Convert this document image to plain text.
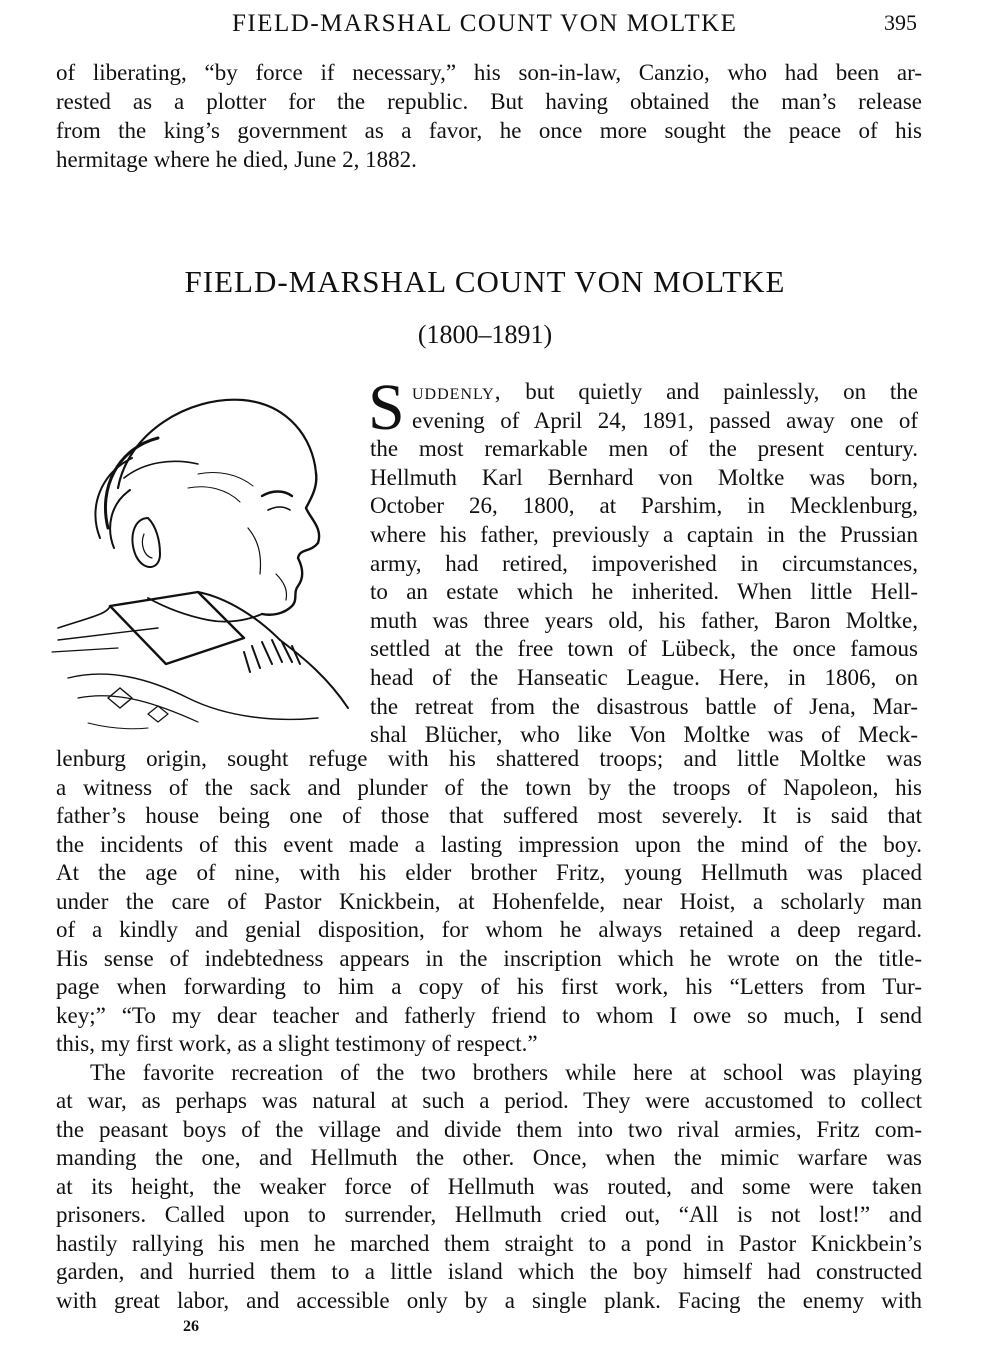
FIELD-MARSHAL COUNT VON MOLTKE	395
of liberating, “by force if necessary,” his son-in-law, Canzio, who had been ar-
rested as a plotter for the republic. But having obtained the man’s release
from the king’s government as a favor, he once more sought the peace of his
hermitage where he died, June 2, 1882.
FIELD-MARSHAL COUNT VON MOLTKE
(1800–1891)
S uddenly, but quietly and painlessly, on the
evening of April 24, 1891, passed away one of
the most remarkable men of the present century.
Hellmuth Karl Bernhard von Moltke was born,
October 26, 1800, at Parshim, in Mecklenburg,
where his father, previously a captain in the Prussian
army, had retired, impoverished in circumstances,
to an estate which he inherited. When little Hell-
muth was three years old, his father, Baron Moltke,
settled at the free town of Lübeck, the once famous
head of the Hanseatic League. Here, in 1806, on
the retreat from the disastrous battle of Jena, Mar-
shal Blücher, who like Von Moltke was of Meck-
lenburg origin, sought refuge with his shattered troops; and little Moltke was
a witness of the sack and plunder of the town by the troops of Napoleon, his
father’s house being one of those that suffered most severely. It is said that
the incidents of this event made a lasting impression upon the mind of the boy.
At the age of nine, with his elder brother Fritz, young Hellmuth was placed
under the care of Pastor Knickbein, at Hohenfelde, near Hoist, a scholarly man
of a kindly and genial disposition, for whom he always retained a deep regard.
His sense of indebtedness appears in the inscription which he wrote on the title-
page when forwarding to him a copy of his first work, his “Letters from Tur-
key;” “To my dear teacher and fatherly friend to whom I owe so much, I send
this, my first work, as a slight testimony of respect.”
The favorite recreation of the two brothers while here at school was playing
at war, as perhaps was natural at such a period. They were accustomed to collect
the peasant boys of the village and divide them into two rival armies, Fritz com-
manding the one, and Hellmuth the other. Once, when the mimic warfare was
at its height, the weaker force of Hellmuth was routed, and some were taken
prisoners. Called upon to surrender, Hellmuth cried out, “All is not lost!” and
hastily rallying his men he marched them straight to a pond in Pastor Knickbein’s
garden, and hurried them to a little island which the boy himself had constructed
with great labor, and accessible only by a single plank. Facing the enemy with
26
